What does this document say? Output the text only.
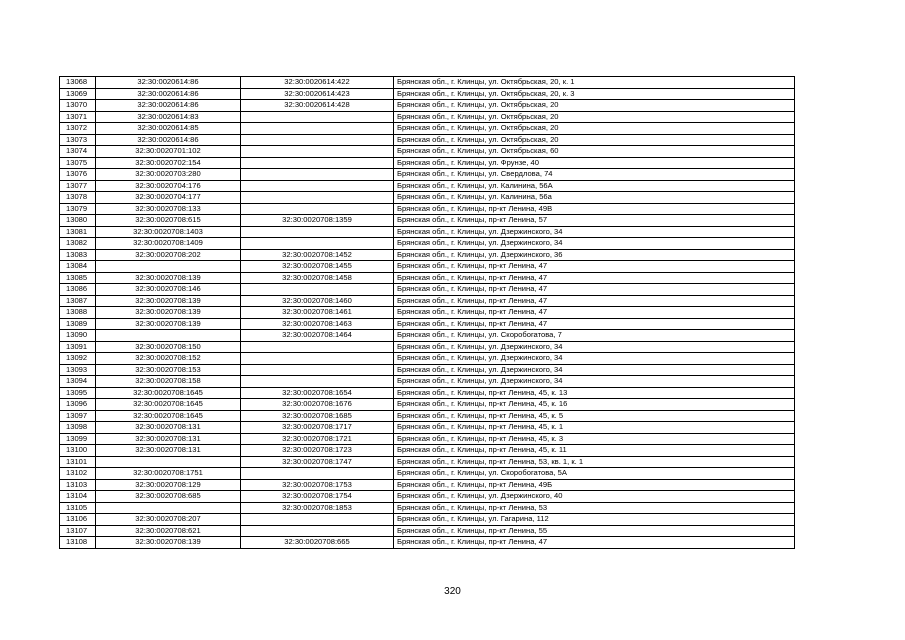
13068	32:30:0020614:86	32:30:0020614:422	Брянская обл., г. Клинцы, ул. Октябрьская, 20, к. 1
13069	32:30:0020614:86	32:30:0020614:423	Брянская обл., г. Клинцы, ул. Октябрьская, 20, к. 3
13070	32:30:0020614:86	32:30:0020614:428	Брянская обл., г. Клинцы, ул. Октябрьская, 20
13071	32:30:0020614:83		Брянская обл., г. Клинцы, ул. Октябрьская, 20
13072	32:30:0020614:85		Брянская обл., г. Клинцы, ул. Октябрьская, 20
13073	32:30:0020614:86		Брянская обл., г. Клинцы, ул. Октябрьская, 20
13074	32:30:0020701:102		Брянская обл., г. Клинцы, ул. Октябрьская, 60
13075	32:30:0020702:154		Брянская обл., г. Клинцы, ул. Фрунзе, 40
13076	32:30:0020703:280		Брянская обл., г. Клинцы, ул. Свердлова, 74
13077	32:30:0020704:176		Брянская обл., г. Клинцы, ул. Калинина, 56А
13078	32:30:0020704:177		Брянская обл., г. Клинцы, ул. Калинина, 56а
13079	32:30:0020708:133		Брянская обл., г. Клинцы, пр-кт Ленина, 49В
13080	32:30:0020708:615	32:30:0020708:1359	Брянская обл., г. Клинцы, пр-кт Ленина, 57
13081	32:30:0020708:1403		Брянская обл., г. Клинцы, ул. Дзержинского, 34
13082	32:30:0020708:1409		Брянская обл., г. Клинцы, ул. Дзержинского, 34
13083	32:30:0020708:202	32:30:0020708:1452	Брянская обл., г. Клинцы, ул. Дзержинского, 36
13084		32:30:0020708:1455	Брянская обл., г. Клинцы, пр-кт Ленина, 47
13085	32:30:0020708:139	32:30:0020708:1458	Брянская обл., г. Клинцы, пр-кт Ленина, 47
13086	32:30:0020708:146		Брянская обл., г. Клинцы, пр-кт Ленина, 47
13087	32:30:0020708:139	32:30:0020708:1460	Брянская обл., г. Клинцы, пр-кт Ленина, 47
13088	32:30:0020708:139	32:30:0020708:1461	Брянская обл., г. Клинцы, пр-кт Ленина, 47
13089	32:30:0020708:139	32:30:0020708:1463	Брянская обл., г. Клинцы, пр-кт Ленина, 47
13090		32:30:0020708:1464	Брянская обл., г. Клинцы, ул. Скоробогатова, 7
13091	32:30:0020708:150		Брянская обл., г. Клинцы, ул. Дзержинского, 34
13092	32:30:0020708:152		Брянская обл., г. Клинцы, ул. Дзержинского, 34
13093	32:30:0020708:153		Брянская обл., г. Клинцы, ул. Дзержинского, 34
13094	32:30:0020708:158		Брянская обл., г. Клинцы, ул. Дзержинского, 34
13095	32:30:0020708:1645	32:30:0020708:1654	Брянская обл., г. Клинцы, пр-кт Ленина, 45, к. 13
13096	32:30:0020708:1645	32:30:0020708:1676	Брянская обл., г. Клинцы, пр-кт Ленина, 45, к. 16
13097	32:30:0020708:1645	32:30:0020708:1685	Брянская обл., г. Клинцы, пр-кт Ленина, 45, к. 5
13098	32:30:0020708:131	32:30:0020708:1717	Брянская обл., г. Клинцы, пр-кт Ленина, 45, к. 1
13099	32:30:0020708:131	32:30:0020708:1721	Брянская обл., г. Клинцы, пр-кт Ленина, 45, к. 3
13100	32:30:0020708:131	32:30:0020708:1723	Брянская обл., г. Клинцы, пр-кт Ленина, 45, к. 11
13101		32:30:0020708:1747	Брянская обл., г. Клинцы, пр-кт Ленина, 53, кв. 1, к. 1
13102	32:30:0020708:1751		Брянская обл., г. Клинцы, ул. Скоробогатова, 5А
13103	32:30:0020708:129	32:30:0020708:1753	Брянская обл., г. Клинцы, пр-кт Ленина, 49Б
13104	32:30:0020708:685	32:30:0020708:1754	Брянская обл., г. Клинцы, ул. Дзержинского, 40
13105		32:30:0020708:1853	Брянская обл., г. Клинцы, пр-кт Ленина, 53
13106	32:30:0020708:207		Брянская обл., г. Клинцы, ул. Гагарина, 112
13107	32:30:0020708:621		Брянская обл., г. Клинцы, пр-кт Ленина, 55
13108	32:30:0020708:139	32:30:0020708:665	Брянская обл., г. Клинцы, пр-кт Ленина, 47
320
